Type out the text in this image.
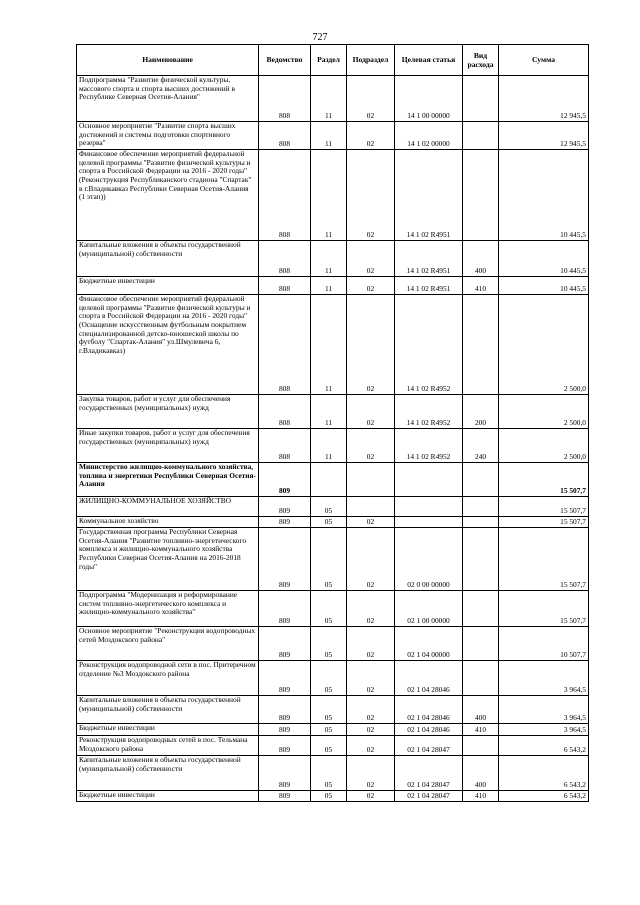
727
Наименование	Ведомство	Раздел	Подраздел	Целевая статья	Вид расхода	Сумма
Подпрограмма "Развитие физической культуры, массового спорта и спорта высших достижений в Республике Северная Осетия-Алания"	808	11	02	14 1 00 00000		12 945,5
Основное мероприятие "Развитие спорта высших достижений и системы подготовки спортивного резерва"	808	11	02	14 1 02 00000		12 945,5
Финансовое обеспечение мероприятий федеральной целевой программы "Развитие физической культуры и спорта в Российской Федерации на 2016 - 2020 годы" (Реконструкция Республиканского стадиона "Спартак" в г.Владикавказ Республики Северная Осетия-Алания (1 этап))	808	11	02	14 1 02 R4951		10 445,5
Капитальные вложения в объекты государственной (муниципальной) собственности	808	11	02	14 1 02 R4951	400	10 445,5
Бюджетные инвестиции	808	11	02	14 1 02 R4951	410	10 445,5
Финансовое обеспечение мероприятий федеральной целевой программы "Развитие физической культуры и спорта в Российской Федерации на 2016 - 2020 годы" (Оснащение искусственным футбольным покрытием специализированной детско-юношеской школы по футболу "Спартак-Алания" ул.Шмулевича 6, г.Владикавказ)	808	11	02	14 1 02 R4952		2 500,0
Закупка товаров, работ и услуг для обеспечения государственных (муниципальных) нужд	808	11	02	14 1 02 R4952	200	2 500,0
Иные закупки товаров, работ и услуг для обеспечения государственных (муниципальных) нужд	808	11	02	14 1 02 R4952	240	2 500,0
Министерство жилищно-коммунального хозяйства, топлива и энергетики Республики Северная Осетия-Алания	809					15 507,7
ЖИЛИЩНО-КОММУНАЛЬНОЕ ХОЗЯЙСТВО	809	05				15 507,7
Коммунальное хозяйство	809	05	02			15 507,7
Государственная программа Республики Северная Осетия-Алания "Развитие топливно-энергетического комплекса и жилищно-коммунального хозяйства Республики Северная Осетия-Алания на 2016-2018 годы"	809	05	02	02 0 00 00000		15 507,7
Подпрограмма "Модернизация и реформирование систем топливно-энергетического комплекса и жилищно-коммунального хозяйства"	809	05	02	02 1 00 00000		15 507,7
Основное мероприятие "Реконструкция водопроводных сетей Моздокского района"	809	05	02	02 1 04 00000		10 507,7
Реконструкция водопроводной сети в пос. Притеречном отделение №3 Моздокского района	809	05	02	02 1 04 28046		3 964,5
Капитальные вложения в объекты государственной (муниципальной) собственности	809	05	02	02 1 04 28046	400	3 964,5
Бюджетные инвестиции	809	05	02	02 1 04 28046	410	3 964,5
Реконструкция водопроводных сетей в пос. Тельмана Моздокского района	809	05	02	02 1 04 28047		6 543,2
Капитальные вложения в объекты государственной (муниципальной) собственности	809	05	02	02 1 04 28047	400	6 543,2
Бюджетные инвестиции	809	05	02	02 1 04 28047	410	6 543,2
